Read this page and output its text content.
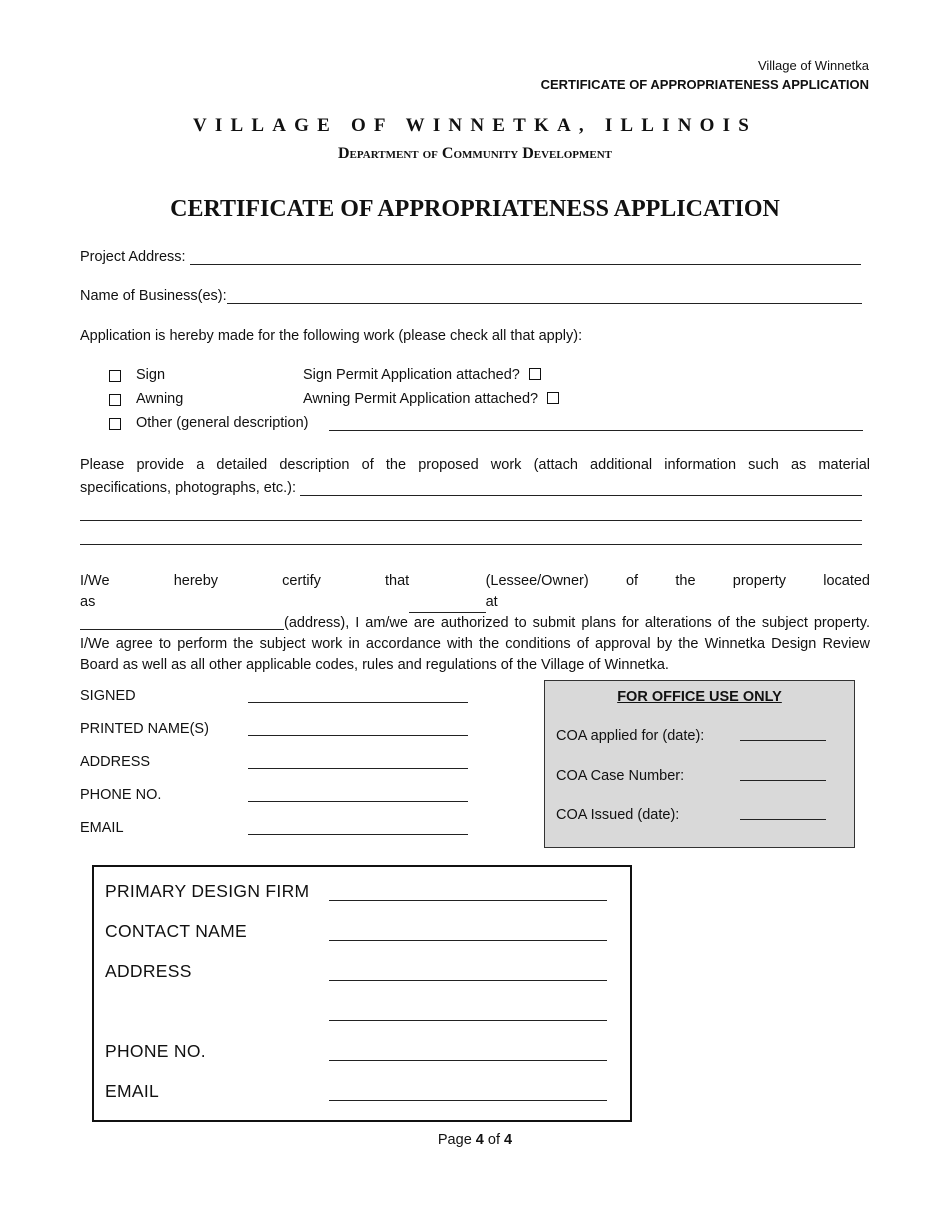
Village of Winnetka
CERTIFICATE OF APPROPRIATENESS APPLICATION
VILLAGE OF WINNETKA, ILLINOIS
Department of Community Development
CERTIFICATE OF APPROPRIATENESS APPLICATION
Project Address:
Name of Business(es):
Application is hereby made for the following work (please check all that apply):
Sign	Sign Permit Application attached?
Awning	Awning Permit Application attached?
Other (general description)
Please provide a detailed description of the proposed work (attach additional information such as material
specifications, photographs, etc.):
I/We hereby certify that as
(Lessee/Owner) of the property located at
(address), I am/we are authorized to submit plans for alterations of the subject property. I/We agree to perform the subject work in accordance with the conditions of approval by the Winnetka Design Review Board as well as all other applicable codes, rules and regulations of the Village of Winnetka.
SIGNED
PRINTED NAME(S)
ADDRESS
PHONE NO.
EMAIL
FOR OFFICE USE ONLY
COA applied for (date):
COA Case Number:
COA Issued (date):
PRIMARY DESIGN FIRM
CONTACT NAME
ADDRESS
PHONE NO.
EMAIL
Page 4 of 4
